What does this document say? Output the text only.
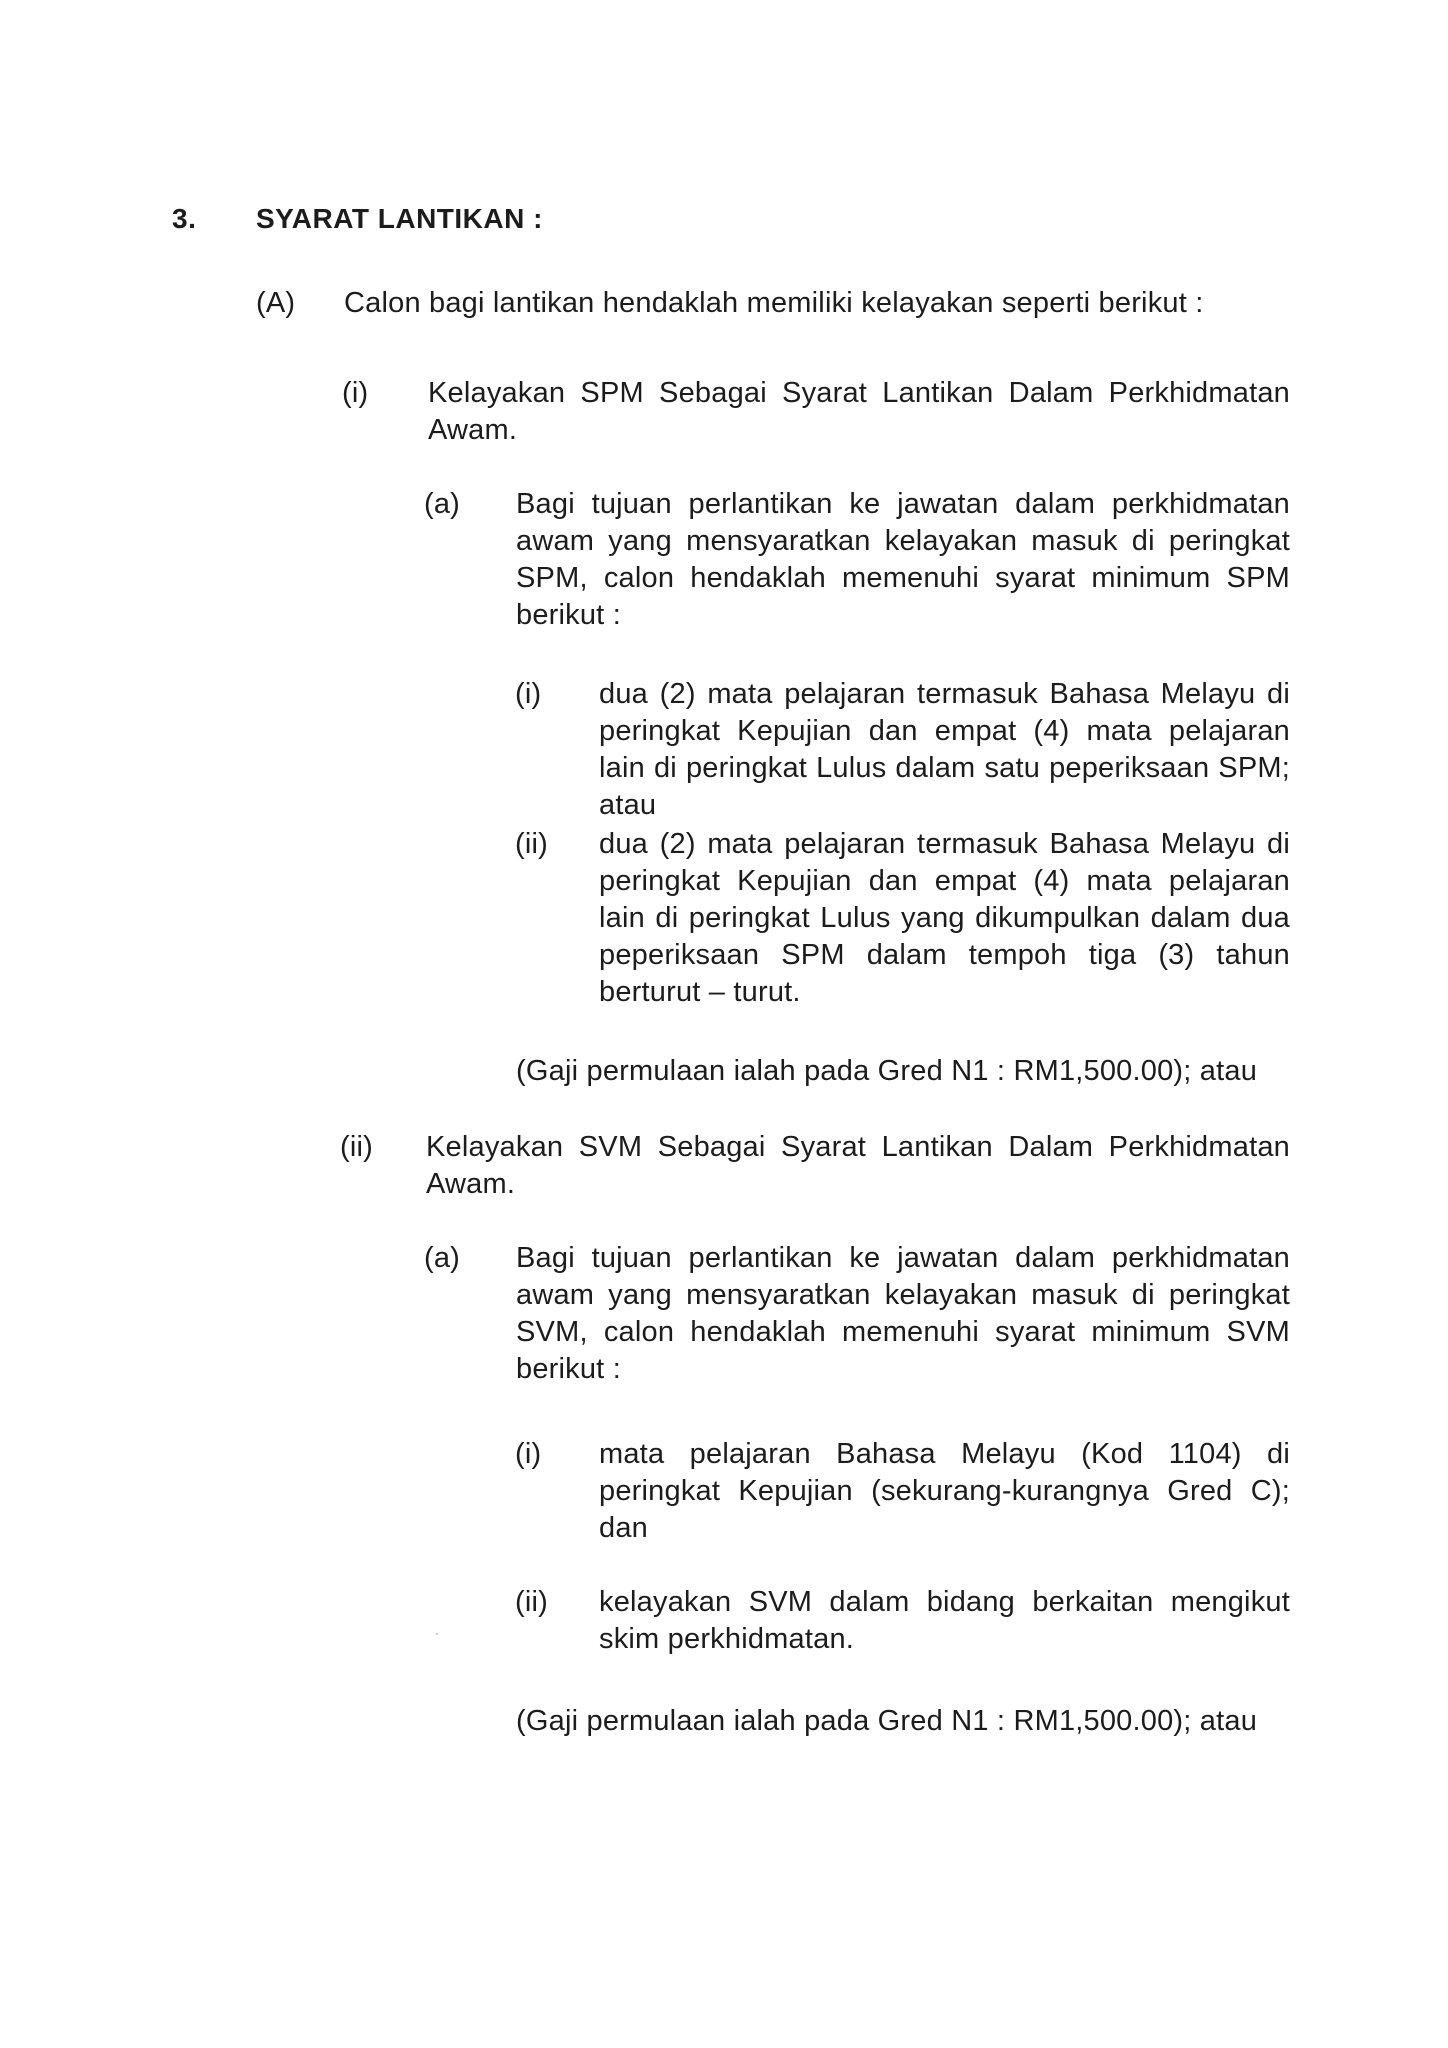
3. SYARAT LANTIKAN :
(A) Calon bagi lantikan hendaklah memiliki kelayakan seperti berikut :
(i) Kelayakan SPM Sebagai Syarat Lantikan Dalam Perkhidmatan Awam.
(a) Bagi tujuan perlantikan ke jawatan dalam perkhidmatan awam yang mensyaratkan kelayakan masuk di peringkat SPM, calon hendaklah memenuhi syarat minimum SPM berikut :
(i) dua (2) mata pelajaran termasuk Bahasa Melayu di peringkat Kepujian dan empat (4) mata pelajaran lain di peringkat Lulus dalam satu peperiksaan SPM; atau
(ii) dua (2) mata pelajaran termasuk Bahasa Melayu di peringkat Kepujian dan empat (4) mata pelajaran lain di peringkat Lulus yang dikumpulkan dalam dua peperiksaan SPM dalam tempoh tiga (3) tahun berturut – turut.
(Gaji permulaan ialah pada Gred N1 : RM1,500.00); atau
(ii) Kelayakan SVM Sebagai Syarat Lantikan Dalam Perkhidmatan Awam.
(a) Bagi tujuan perlantikan ke jawatan dalam perkhidmatan awam yang mensyaratkan kelayakan masuk di peringkat SVM, calon hendaklah memenuhi syarat minimum SVM berikut :
(i) mata pelajaran Bahasa Melayu (Kod 1104) di peringkat Kepujian (sekurang-kurangnya Gred C); dan
(ii) kelayakan SVM dalam bidang berkaitan mengikut skim perkhidmatan.
(Gaji permulaan ialah pada Gred N1 : RM1,500.00); atau
